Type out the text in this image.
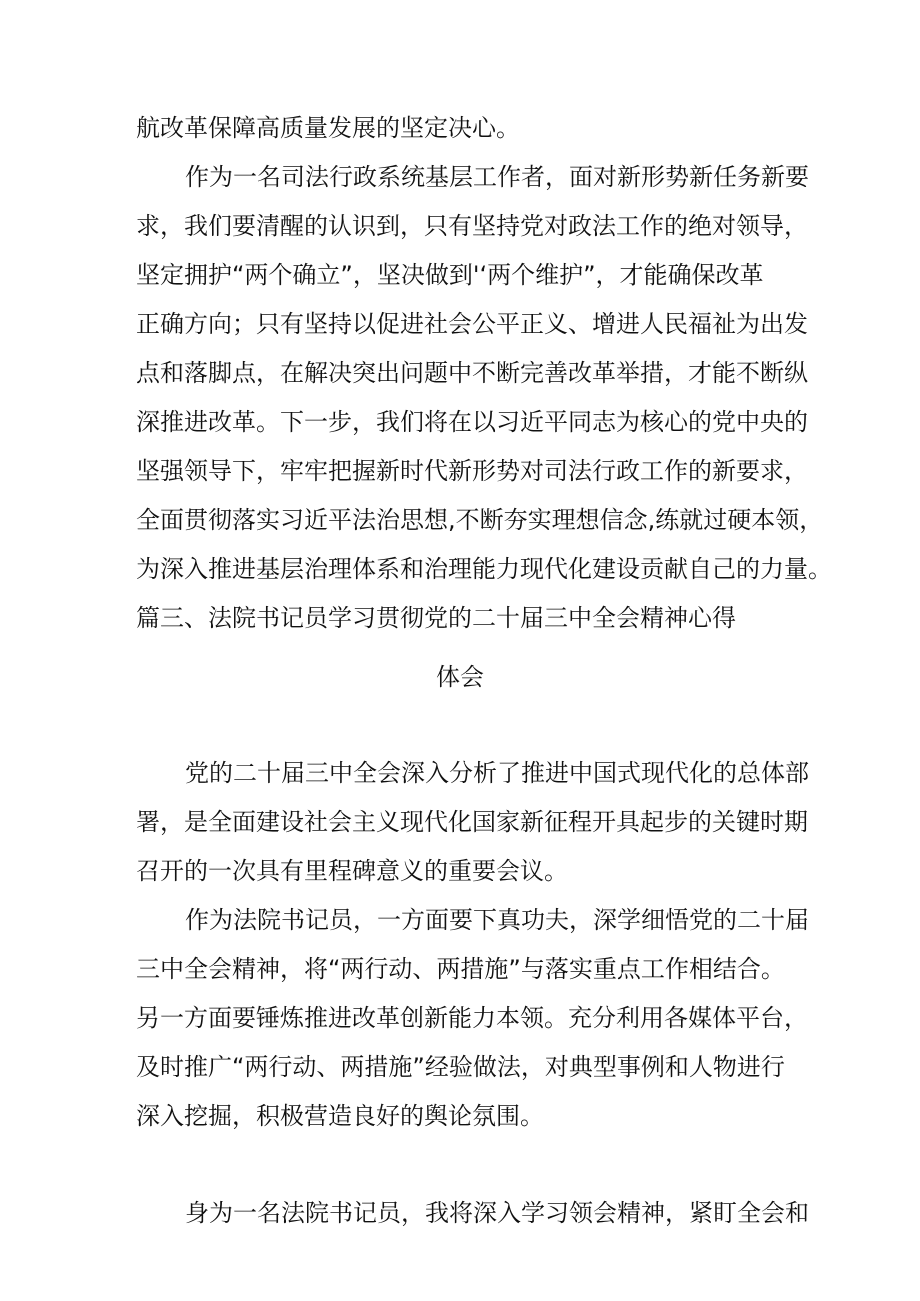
航改革保障高质量发展的坚定决心。
作为一名司法行政系统基层工作者，面对新形势新任务新要
求，我们要清醒的认识到，只有坚持党对政法工作的绝对领导，
坚定拥护“两个确立”，坚决做到'‘两个维护”，才能确保改革
正确方向；只有坚持以促进社会公平正义、增进人民福祉为出发
点和落脚点，在解决突出问题中不断完善改革举措，才能不断纵
深推进改革。下一步，我们将在以习近平同志为核心的党中央的
坚强领导下，牢牢把握新时代新形势对司法行政工作的新要求，
全面贯彻落实习近平法治思想,不断夯实理想信念,练就过硬本领，
为深入推进基层治理体系和治理能力现代化建设贡献自己的力量。
篇三、法院书记员学习贯彻党的二十届三中全会精神心得
体会
党的二十届三中全会深入分析了推进中国式现代化的总体部
署，是全面建设社会主义现代化国家新征程开具起步的关键时期
召开的一次具有里程碑意义的重要会议。
作为法院书记员，一方面要下真功夫，深学细悟党的二十届
三中全会精神，将“两行动、两措施”与落实重点工作相结合。
另一方面要锤炼推进改革创新能力本领。充分利用各媒体平台，
及时推广“两行动、两措施”经验做法，对典型事例和人物进行
深入挖掘，积极营造良好的舆论氛围。
身为一名法院书记员，我将深入学习领会精神，紧盯全会和
